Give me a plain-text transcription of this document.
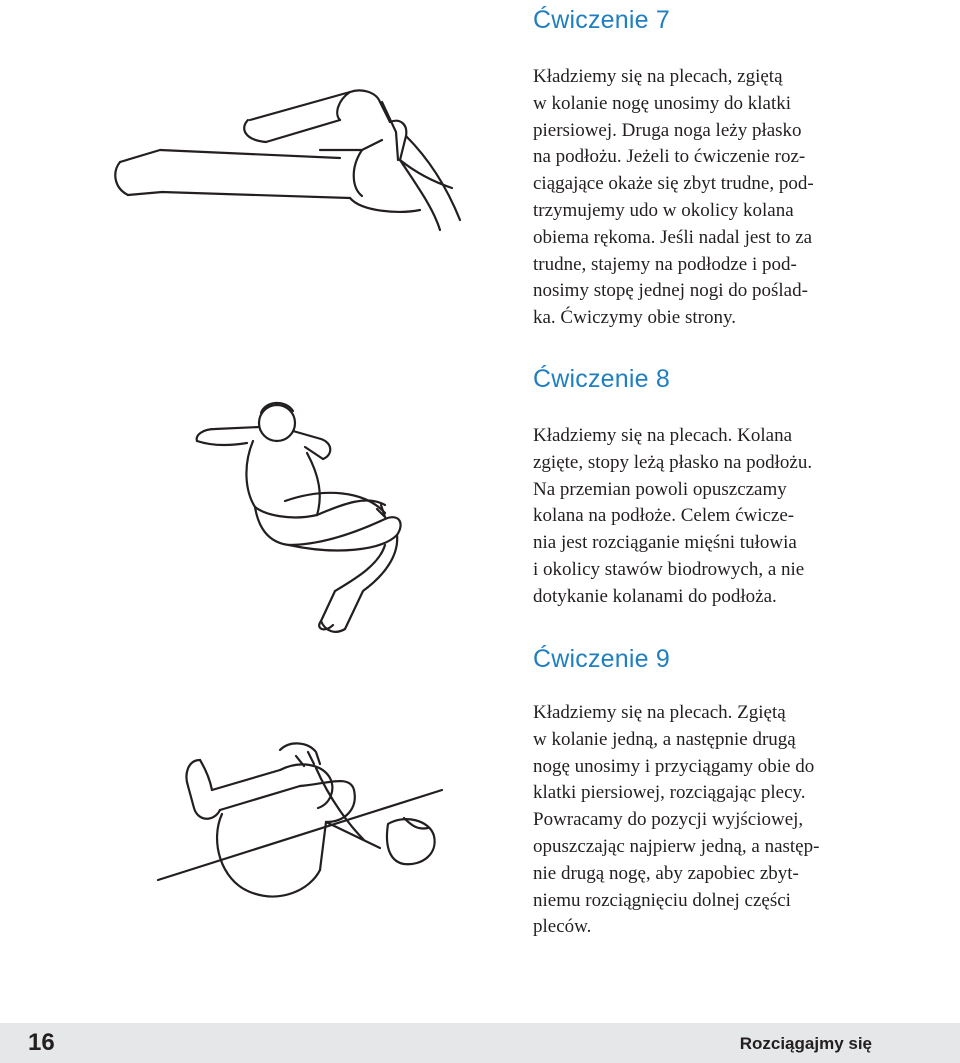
Ćwiczenie 7

Kładziemy się na plecach, zgiętą
w kolanie nogę unosimy do klatki
piersiowej. Druga noga leży płasko
na podłożu. Jeżeli to ćwiczenie roz-
ciągające okaże się zbyt trudne, pod-
trzymujemy udo w okolicy kolana
obiema rękoma. Jeśli nadal jest to za
trudne, stajemy na podłodze i pod-
nosimy stopę jednej nogi do poślad-
ka. Ćwiczymy obie strony.

Ćwiczenie 8

Kładziemy się na plecach. Kolana
zgięte, stopy leżą płasko na podłożu.
Na przemian powoli opuszczamy
kolana na podłoże. Celem ćwicze-
nia jest rozciąganie mięśni tułowia
i okolicy stawów biodrowych, a nie
dotykanie kolanami do podłoża.

Ćwiczenie 9

Kładziemy się na plecach. Zgiętą
w kolanie jedną, a następnie drugą
nogę unosimy i przyciągamy obie do
klatki piersiowej, rozciągając plecy.
Powracamy do pozycji wyjściowej,
opuszczając najpierw jedną, a następ-
nie drugą nogę, aby zapobiec zbyt-
niemu rozciągnięciu dolnej części
pleców.

16	Rozciągajmy się
